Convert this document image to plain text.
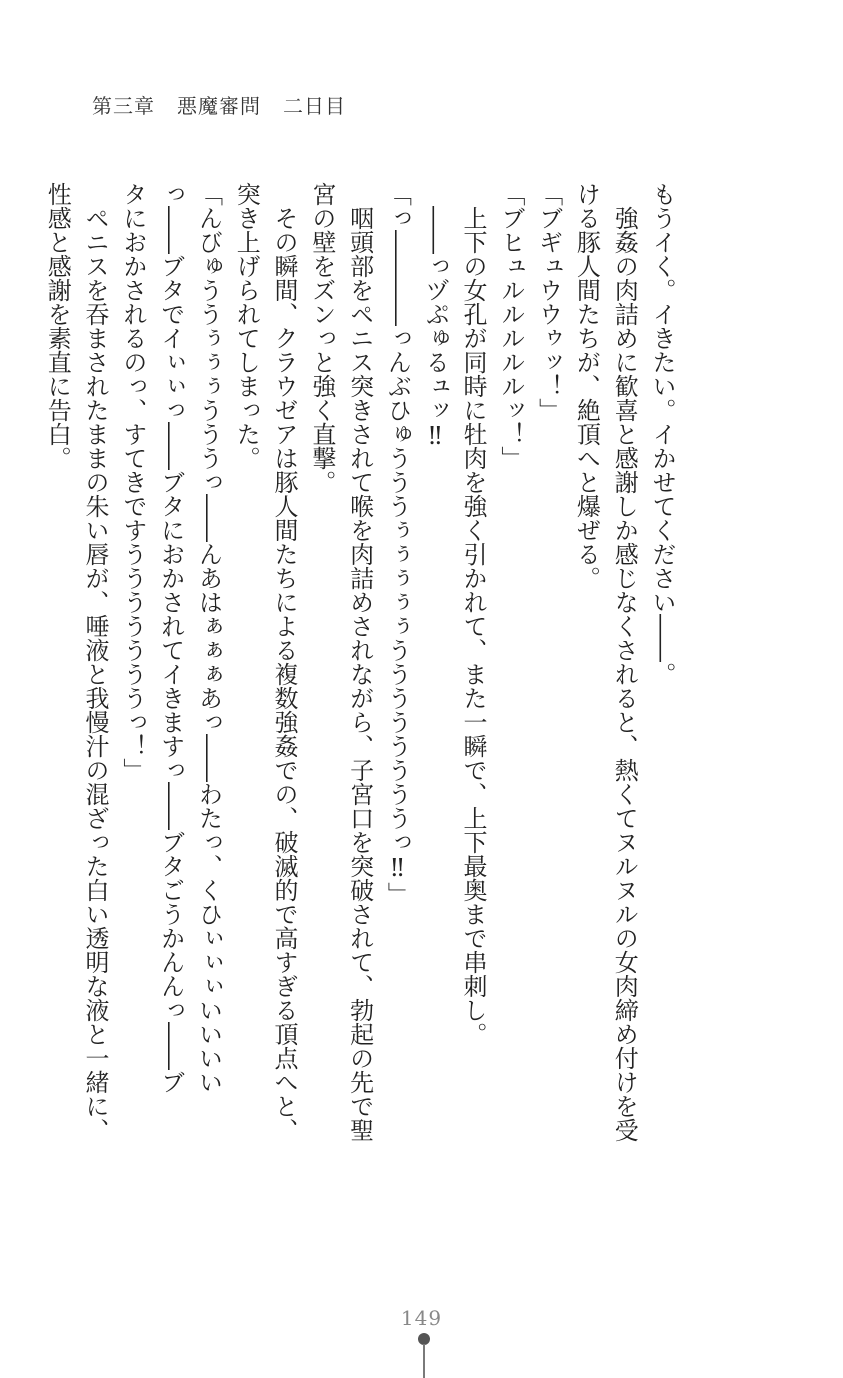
第三章 悪魔審問 二日目
もうイく。イきたい。イかせてください――。
　強姦の肉詰めに歓喜と感謝しか感じなくされると、熱くてヌルヌルの女肉締め付けを受
ける豚人間たちが、絶頂へと爆ぜる。
「ブギュウウゥッ！」
「ブヒュルルルルルッ！」
　上下の女孔が同時に牡肉を強く引かれて、また一瞬で、上下最奥まで串刺し。
　――っヅぷゅるュッ‼
「っ――――っんぶひゅうううぅぅぅぅぅううううううううっ‼」
　咽頭部をペニス突きされて喉を肉詰めされながら、子宮口を突破されて、勃起の先で聖
宮の壁をズンっと強く直撃。
　その瞬間、クラウゼアは豚人間たちによる複数強姦での、破滅的で高すぎる頂点へと、
突き上げられてしまった。
「んびゅううぅぅぅうううっ――んあはぁぁぁあっ――わたっ、くひぃぃぃいいいい
っ――ブタでイぃぃっ――ブタにおかされてイきますっ――ブタごうかんんっ――ブ
タにおかされるのっ、すてきですうううううううっ！」
　ペニスを吞まされたままの朱い唇が、唾液と我慢汁の混ざった白い透明な液と一緒に、
性感と感謝を素直に告白。
149
